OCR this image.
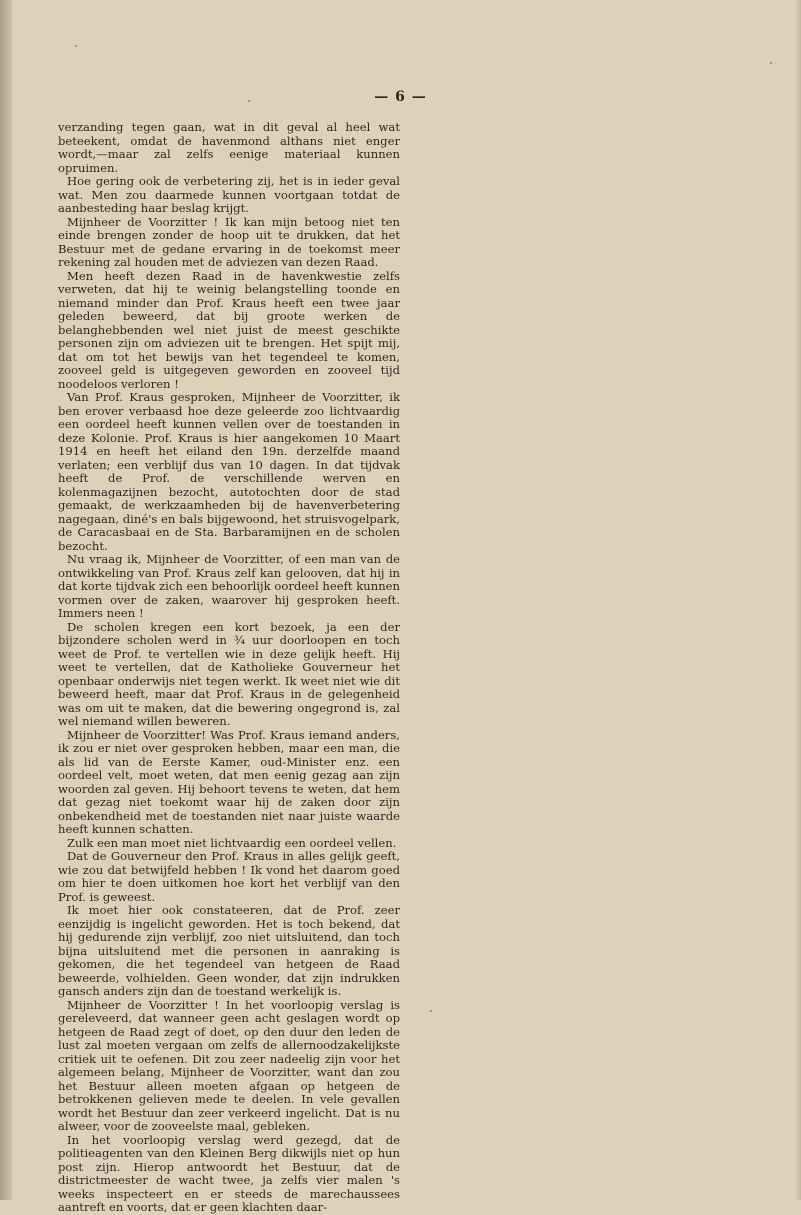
— 6 —

verzanding tegen gaan, wat in dit geval al heel wat beteekent, omdat de havenmond althans niet enger wordt,—maar zal zelfs eenige materiaal kunnen opruimen.

Hoe gering ook de verbetering zij, het is in ieder geval wat. Men zou daarmede kunnen voortgaan totdat de aanbesteding haar beslag krijgt.

Mijnheer de Voorzitter ! Ik kan mijn betoog niet ten einde brengen zonder de hoop uit te drukken, dat het Bestuur met de gedane ervaring in de toekomst meer rekening zal houden met de adviezen van dezen Raad.

Men heeft dezen Raad in de havenkwestie zelfs verweten, dat hij te weinig belangstelling toonde en niemand minder dan Prof. Kraus heeft een twee jaar geleden beweerd, dat bij groote werken de belanghebbenden wel niet juist de meest geschikte personen zijn om adviezen uit te brengen. Het spijt mij, dat om tot het bewijs van het tegendeel te komen, zooveel geld is uitgegeven geworden en zooveel tijd noodeloos verloren !

Van Prof. Kraus gesproken, Mijnheer de Voorzitter, ik ben erover verbaasd hoe deze geleerde zoo lichtvaardig een oordeel heeft kunnen vellen over de toestanden in deze Kolonie. Prof. Kraus is hier aangekomen 10 Maart 1914 en heeft het eiland den 19n. derzelfde maand verlaten; een verblijf dus van 10 dagen. In dat tijdvak heeft de Prof. de verschillende werven en kolenmagazijnen bezocht, autotochten door de stad gemaakt, de werkzaamheden bij de havenverbetering nagegaan, diné's en bals bijgewoond, het struisvogelpark, de Caracasbaai en de Sta. Barbaramijnen en de scholen bezocht.

Nu vraag ik, Mijnheer de Voorzitter, of een man van de ontwikkeling van Prof. Kraus zelf kan gelooven, dat hij in dat korte tijdvak zich een behoorlijk oordeel heeft kunnen vormen over de zaken, waarover hij gesproken heeft. Immers neen !

De scholen kregen een kort bezoek, ja een der bijzondere scholen werd in ¾ uur doorloopen en toch weet de Prof. te vertellen wie in deze gelijk heeft. Hij weet te vertellen, dat de Katholieke Gouverneur het openbaar onderwijs niet tegen werkt. Ik weet niet wie dit beweerd heeft, maar dat Prof. Kraus in de gelegenheid was om uit te maken, dat die bewering ongegrond is, zal wel niemand willen beweren.

Mijnheer de Voorzitter! Was Prof. Kraus iemand anders, ik zou er niet over gesproken hebben, maar een man, die als lid van de Eerste Kamer, oud-Minister enz. een oordeel velt, moet weten, dat men eenig gezag aan zijn woorden zal geven. Hij behoort tevens te weten, dat hem dat gezag niet toekomt waar hij de zaken door zijn onbekendheid met de toestanden niet naar juiste waarde heeft kunnen schatten.

Zulk een man moet niet lichtvaardig een oordeel vellen.

Dat de Gouverneur den Prof. Kraus in alles gelijk geeft, wie zou dat betwijfeld hebben ! Ik vond het daarom goed om hier te doen uitkomen hoe kort het verblijf van den Prof. is geweest.

Ik moet hier ook constateeren, dat de Prof. zeer eenzijdig is ingelicht geworden. Het is toch bekend, dat hij gedurende zijn verblijf, zoo niet uitsluitend, dan toch bijna uitsluitend met die personen in aanraking is gekomen, die het tegendeel van hetgeen de Raad beweerde, volhielden. Geen wonder, dat zijn indrukken gansch anders zijn dan de toestand werkelijk is.

Mijnheer de Voorzitter ! In het voorloopig verslag is gereleveerd, dat wanneer geen acht geslagen wordt op hetgeen de Raad zegt of doet, op den duur den leden de lust zal moeten vergaan om zelfs de allernoodzakelijkste critiek uit te oefenen. Dit zou zeer nadeelig zijn voor het algemeen belang, Mijnheer de Voorzitter, want dan zou het Bestuur alleen moeten afgaan op hetgeen de betrokkenen gelieven mede te deelen. In vele gevallen wordt het Bestuur dan zeer verkeerd ingelicht. Dat is nu alweer, voor de zooveelste maal, gebleken.

In het voorloopig verslag werd gezegd, dat de politieagenten van den Kleinen Berg dikwijls niet op hun post zijn. Hierop antwoordt het Bestuur, dat de districtmeester de wacht twee, ja zelfs vier malen 's weeks inspecteert en er steeds de marechaussees aantreft en voorts, dat er geen klachten daar-
